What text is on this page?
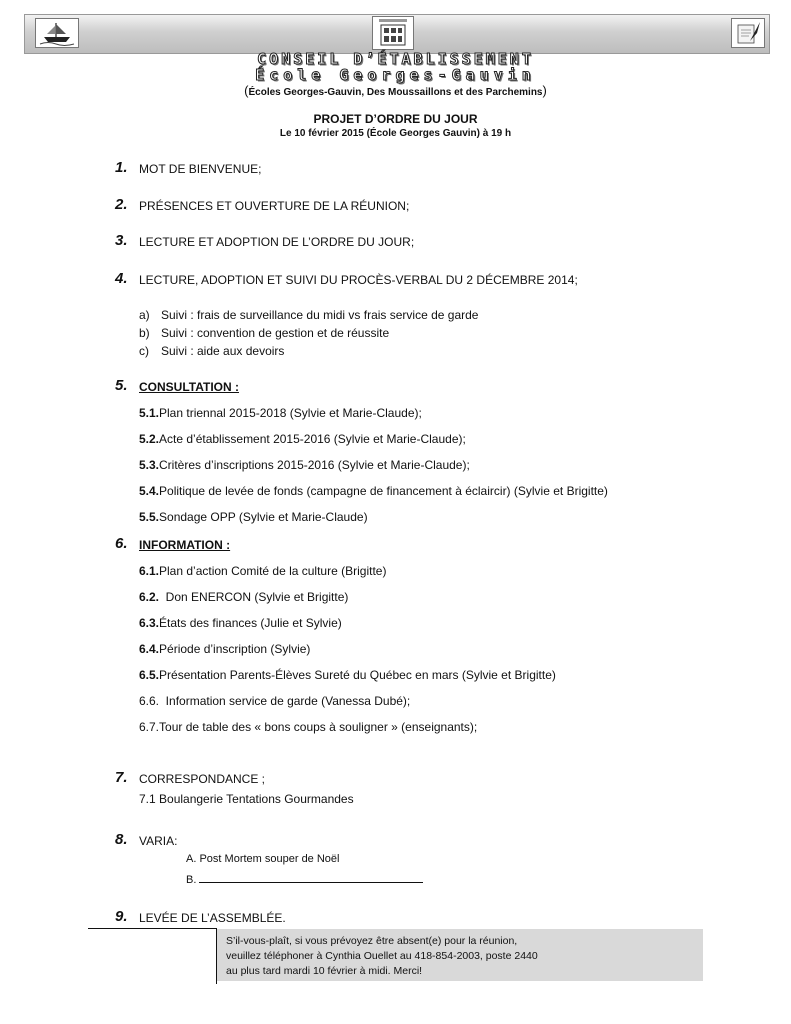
CONSEIL D’ÉTABLISSEMENT
École Georges-Gauvin
(Écoles Georges-Gauvin, Des Moussaillons et des Parchemins)
PROJET D’ORDRE DU JOUR
Le 10 février 2015 (École Georges Gauvin) à 19 h
1. MOT DE BIENVENUE;
2. PRÉSENCES ET OUVERTURE DE LA RÉUNION;
3. LECTURE ET ADOPTION DE L’ORDRE DU JOUR;
4. LECTURE, ADOPTION ET SUIVI DU PROCÈS-VERBAL DU 2 DÉCEMBRE 2014;
a) Suivi : frais de surveillance du midi vs frais service de garde
b) Suivi : convention de gestion et de réussite
c) Suivi : aide aux devoirs
5. CONSULTATION :
5.1.Plan triennal 2015-2018 (Sylvie et Marie-Claude);
5.2.Acte d’établissement 2015-2016 (Sylvie et Marie-Claude);
5.3.Critères d’inscriptions 2015-2016 (Sylvie et Marie-Claude);
5.4.Politique de levée de fonds (campagne de financement à éclaircir) (Sylvie et Brigitte)
5.5.Sondage OPP (Sylvie et Marie-Claude)
6. INFORMATION :
6.1.Plan d’action Comité de la culture (Brigitte)
6.2.  Don ENERCON (Sylvie et Brigitte)
6.3.États des finances (Julie et Sylvie)
6.4.Période d’inscription (Sylvie)
6.5.Présentation Parents-Élèves Sureté du Québec en mars (Sylvie et Brigitte)
6.6.  Information service de garde (Vanessa Dubé);
6.7.Tour de table des « bons coups à souligner » (enseignants);
7. CORRESPONDANCE ;
7.1 Boulangerie Tentations Gourmandes
8. VARIA:
A. Post Mortem souper de Noël
B.
9. LEVÉE DE L’ASSEMBLÉE.
S’il-vous-plaît, si vous prévoyez être absent(e) pour la réunion,
veuillez téléphoner à Cynthia Ouellet au 418-854-2003, poste 2440
au plus tard mardi 10 février à midi. Merci!
